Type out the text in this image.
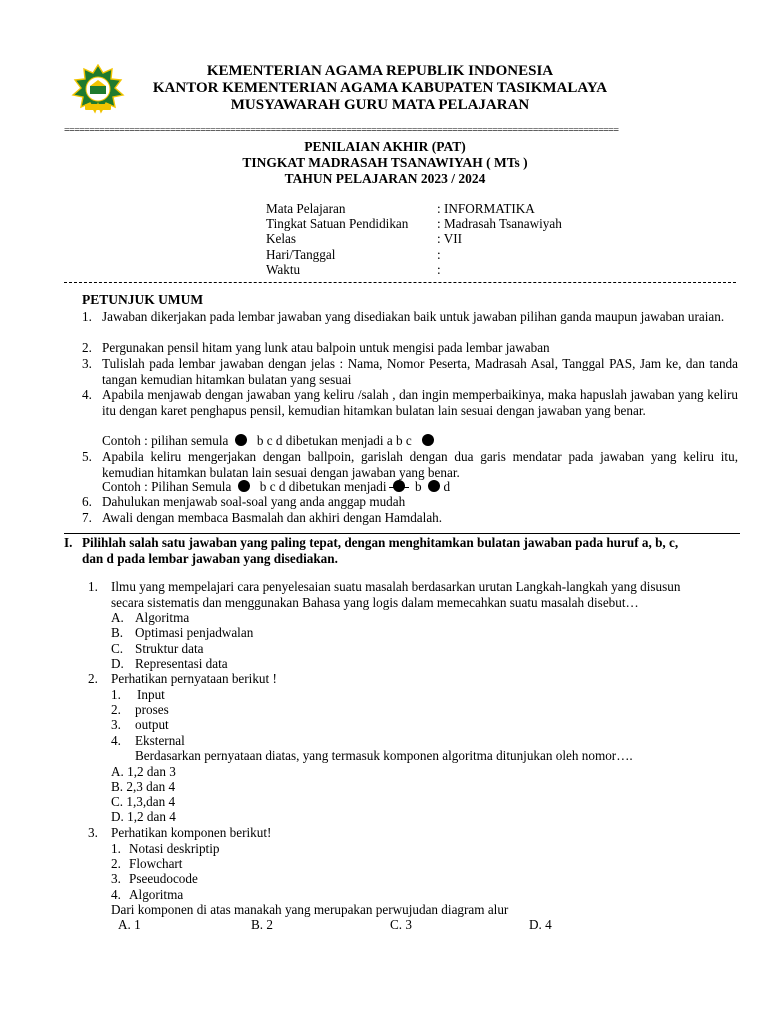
KEMENTERIAN AGAMA REPUBLIK INDONESIA
KANTOR KEMENTERIAN AGAMA KABUPATEN TASIKMALAYA
MUSYAWARAH GURU MATA PELAJARAN
==============================================================================================================
PENILAIAN AKHIR (PAT)
TINGKAT MADRASAH TSANAWIYAH ( MTs )
TAHUN PELAJARAN 2023 / 2024
Mata Pelajaran	: INFORMATIKA
Tingkat Satuan Pendidikan : Madrasah Tsanawiyah
Kelas	: VII
Hari/Tanggal	:
Waktu	:
PETUNJUK UMUM
1. Jawaban dikerjakan pada lembar jawaban yang disediakan baik untuk jawaban pilihan ganda maupun jawaban uraian.
2. Pergunakan pensil hitam yang lunk atau balpoin untuk mengisi pada lembar jawaban
3. Tulislah pada lembar jawaban dengan jelas : Nama, Nomor Peserta, Madrasah Asal, Tanggal PAS, Jam ke, dan tanda tangan kemudian hitamkan bulatan yang sesuai
4. Apabila menjawab dengan jawaban yang keliru /salah , dan ingin memperbaikinya, maka hapuslah jawaban yang keliru itu dengan karet penghapus pensil, kemudian hitamkan bulatan lain sesuai dengan jawaban yang benar.
Contoh : pilihan semula b c d dibetukan menjadi a b c
5. Apabila keliru mengerjakan dengan ballpoin, garislah dengan dua garis mendatar pada jawaban yang keliru itu, kemudian hitamkan bulatan lain sesuai dengan jawaban yang benar.
Contoh : Pilihan Semula b c d dibetukan menjadi b d
6. Dahulukan menjawab soal-soal yang anda anggap mudah
7. Awali dengan membaca Basmalah dan akhiri dengan Hamdalah.
I. Pilihlah salah satu jawaban yang paling tepat, dengan menghitamkan bulatan jawaban pada huruf a, b, c,
dan d pada lembar jawaban yang disediakan.
1. Ilmu yang mempelajari cara penyelesaian suatu masalah berdasarkan urutan Langkah-langkah yang disusun
secara sistematis dan menggunakan Bahasa yang logis dalam memecahkan suatu masalah disebut…
A. Algoritma
B. Optimasi penjadwalan
C. Struktur data
D. Representasi data
2. Perhatikan pernyataan berikut !
1. Input
2. proses
3. output
4. Eksternal
Berdasarkan pernyataan diatas, yang termasuk komponen algoritma ditunjukan oleh nomor….
A. 1,2 dan 3
B. 2,3 dan 4
C. 1,3,dan 4
D. 1,2 dan 4
3. Perhatikan komponen berikut!
1. Notasi deskriptip
2. Flowchart
3. Pseeudocode
4. Algoritma
Dari komponen di atas manakah yang merupakan perwujudan diagram alur
A. 1	B. 2	C. 3	D. 4
